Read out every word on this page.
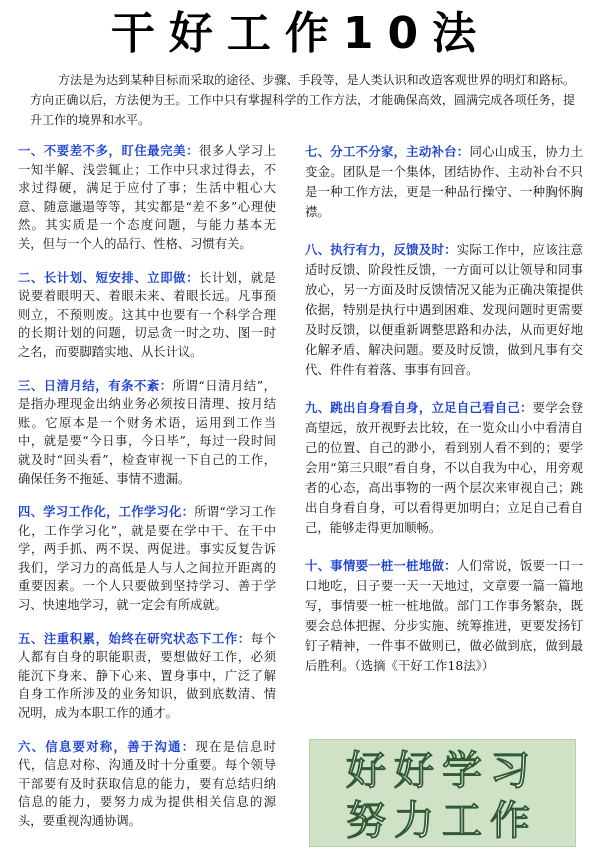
干好工作10法
方法是为达到某种目标而采取的途径、步骤、手段等，是人类认识和改造客观世界的明灯和路标。方向正确以后，方法便为王。工作中只有掌握科学的工作方法，才能确保高效，圆满完成各项任务，提升工作的境界和水平。
一、不要差不多，盯住最完美：很多人学习上一知半解、浅尝辄止；工作中只求过得去，不求过得硬，满足于应付了事；生活中粗心大意、随意邋遢等等，其实都是“差不多”心理使然。其实质是一个态度问题，与能力基本无关，但与一个人的品行、性格、习惯有关。
二、长计划、短安排、立即做：长计划，就是说要着眼明天、着眼未来、着眼长远。凡事预则立，不预则废。这其中也要有一个科学合理的长期计划的问题，切忌贪一时之功、图一时之名，而要脚踏实地、从长计议。
三、日清月结，有条不紊：所谓“日清月结”，是指办理现金出纳业务必须按日清理、按月结账。它原本是一个财务术语，运用到工作当中，就是要“今日事，今日毕”，每过一段时间就及时“回头看”，检查审视一下自己的工作，确保任务不拖延、事情不遗漏。
四、学习工作化，工作学习化：所谓“学习工作化，工作学习化”，就是要在学中干、在干中学，两手抓、两不误、两促进。事实反复告诉我们，学习力的高低是人与人之间拉开距离的重要因素。一个人只要做到坚持学习、善于学习、快速地学习，就一定会有所成就。
五、注重积累，始终在研究状态下工作：每个人都有自身的职能职责，要想做好工作，必须能沉下身来、静下心来、置身事中，广泛了解自身工作所涉及的业务知识，做到底数清、情况明，成为本职工作的通才。
六、信息要对称，善于沟通：现在是信息时代，信息对称、沟通及时十分重要。每个领导干部要有及时获取信息的能力，要有总结归纳信息的能力，要努力成为提供相关信息的源头，要重视沟通协调。
七、分工不分家，主动补台：同心山成玉，协力土变金。团队是一个集体，团结协作、主动补台不只是一种工作方法，更是一种品行操守、一种胸怀胸襟。
八、执行有力，反馈及时：实际工作中，应该注意适时反馈、阶段性反馈，一方面可以让领导和同事放心，另一方面及时反馈情况又能为正确决策提供依据，特别是执行中遇到困难、发现问题时更需要及时反馈，以便重新调整思路和办法，从而更好地化解矛盾、解决问题。要及时反馈，做到凡事有交代、件件有着落、事事有回音。
九、跳出自身看自身，立足自己看自己：要学会登高望远，放开视野去比较，在一览众山小中看清自己的位置、自己的渺小，看到别人看不到的；要学会用“第三只眼”看自身，不以自我为中心，用旁观者的心态，高出事物的一两个层次来审视自己；跳出自身看自身，可以看得更加明白；立足自己看自己，能够走得更加顺畅。
十、事情要一桩一桩地做：人们常说，饭要一口一口地吃，日子要一天一天地过，文章要一篇一篇地写，事情要一桩一桩地做。部门工作事务繁杂，既要会总体把握、分步实施、统筹推进，更要发扬钉钉子精神，一件事不做则已，做必做到底，做到最后胜利。（选摘《干好工作18法》）
好好学习
努力工作
